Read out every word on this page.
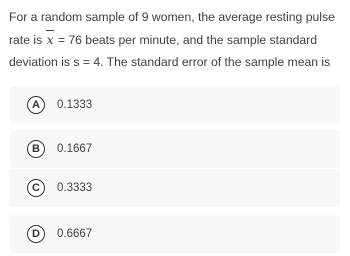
For a random sample of 9 women, the average resting pulse
rate is x = 76 beats per minute, and the sample standard
deviation is s = 4. The standard error of the sample mean is
A	0.1333
B	0.1667
C	0.3333
D	0.6667
